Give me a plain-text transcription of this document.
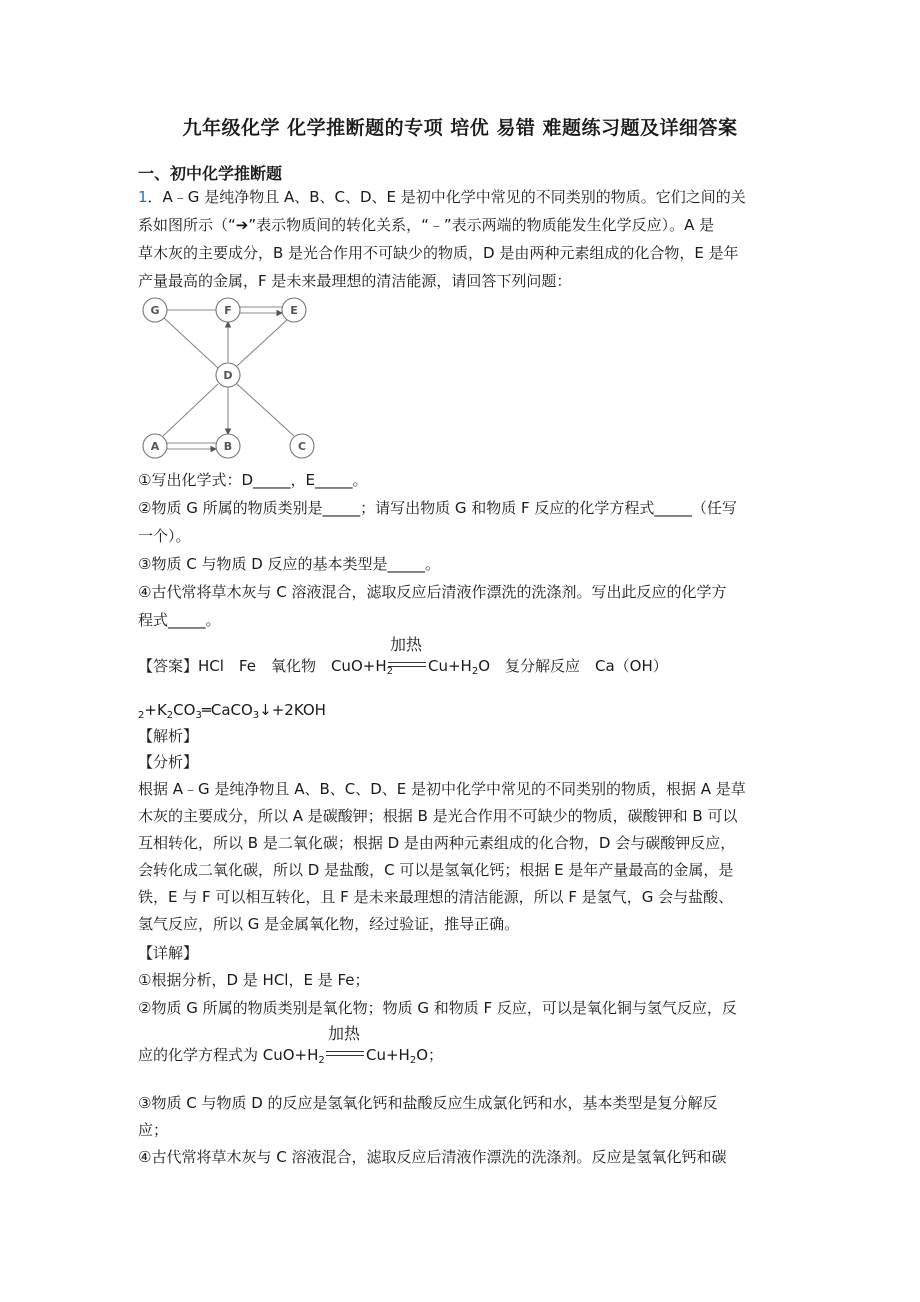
九年级化学 化学推断题的专项 培优 易错 难题练习题及详细答案
一、初中化学推断题
1．A﹣G 是纯净物且 A、B、C、D、E 是初中化学中常见的不同类别的物质。它们之间的关
系如图所示（“➔”表示物质间的转化关系，“﹣”表示两端的物质能发生化学反应）。A 是
草木灰的主要成分，B 是光合作用不可缺少的物质，D 是由两种元素组成的化合物，E 是年
产量最高的金属，F 是未来最理想的清洁能源，请回答下列问题：
G	F	E
D
A	B	C
①写出化学式：D_____，E_____。
②物质 G 所属的物质类别是_____；请写出物质 G 和物质 F 反应的化学方程式_____（任写
一个）。
③物质 C 与物质 D 反应的基本类型是_____。
④古代常将草木灰与 C 溶液混合，滤取反应后清液作漂洗的洗涤剂。写出此反应的化学方
程式_____。
【答案】HCl　Fe　氧化物　$CuO+H_2$
加热
$Cu+H_2O$　复分解反应　Ca（OH）
$_2+K_2CO_3═CaCO_3↓+2KOH$
【解析】
【分析】
根据 A﹣G 是纯净物且 A、B、C、D、E 是初中化学中常见的不同类别的物质，根据 A 是草
木灰的主要成分，所以 A 是碳酸钾；根据 B 是光合作用不可缺少的物质，碳酸钾和 B 可以
互相转化，所以 B 是二氧化碳；根据 D 是由两种元素组成的化合物，D 会与碳酸钾反应，
会转化成二氧化碳，所以 D 是盐酸，C 可以是氢氧化钙；根据 E 是年产量最高的金属，是
铁，E 与 F 可以相互转化，且 F 是未来最理想的清洁能源，所以 F 是氢气，G 会与盐酸、
氢气反应，所以 G 是金属氧化物，经过验证，推导正确。
【详解】
①根据分析，D 是 HCl，E 是 Fe；
②物质 G 所属的物质类别是氧化物；物质 G 和物质 F 反应，可以是氧化铜与氢气反应，反
应的化学方程式为 $CuO+H_2$
加热
$Cu+H_2O$；
③物质 C 与物质 D 的反应是氢氧化钙和盐酸反应生成氯化钙和水，基本类型是复分解反
应；
④古代常将草木灰与 C 溶液混合，滤取反应后清液作漂洗的洗涤剂。反应是氢氧化钙和碳
